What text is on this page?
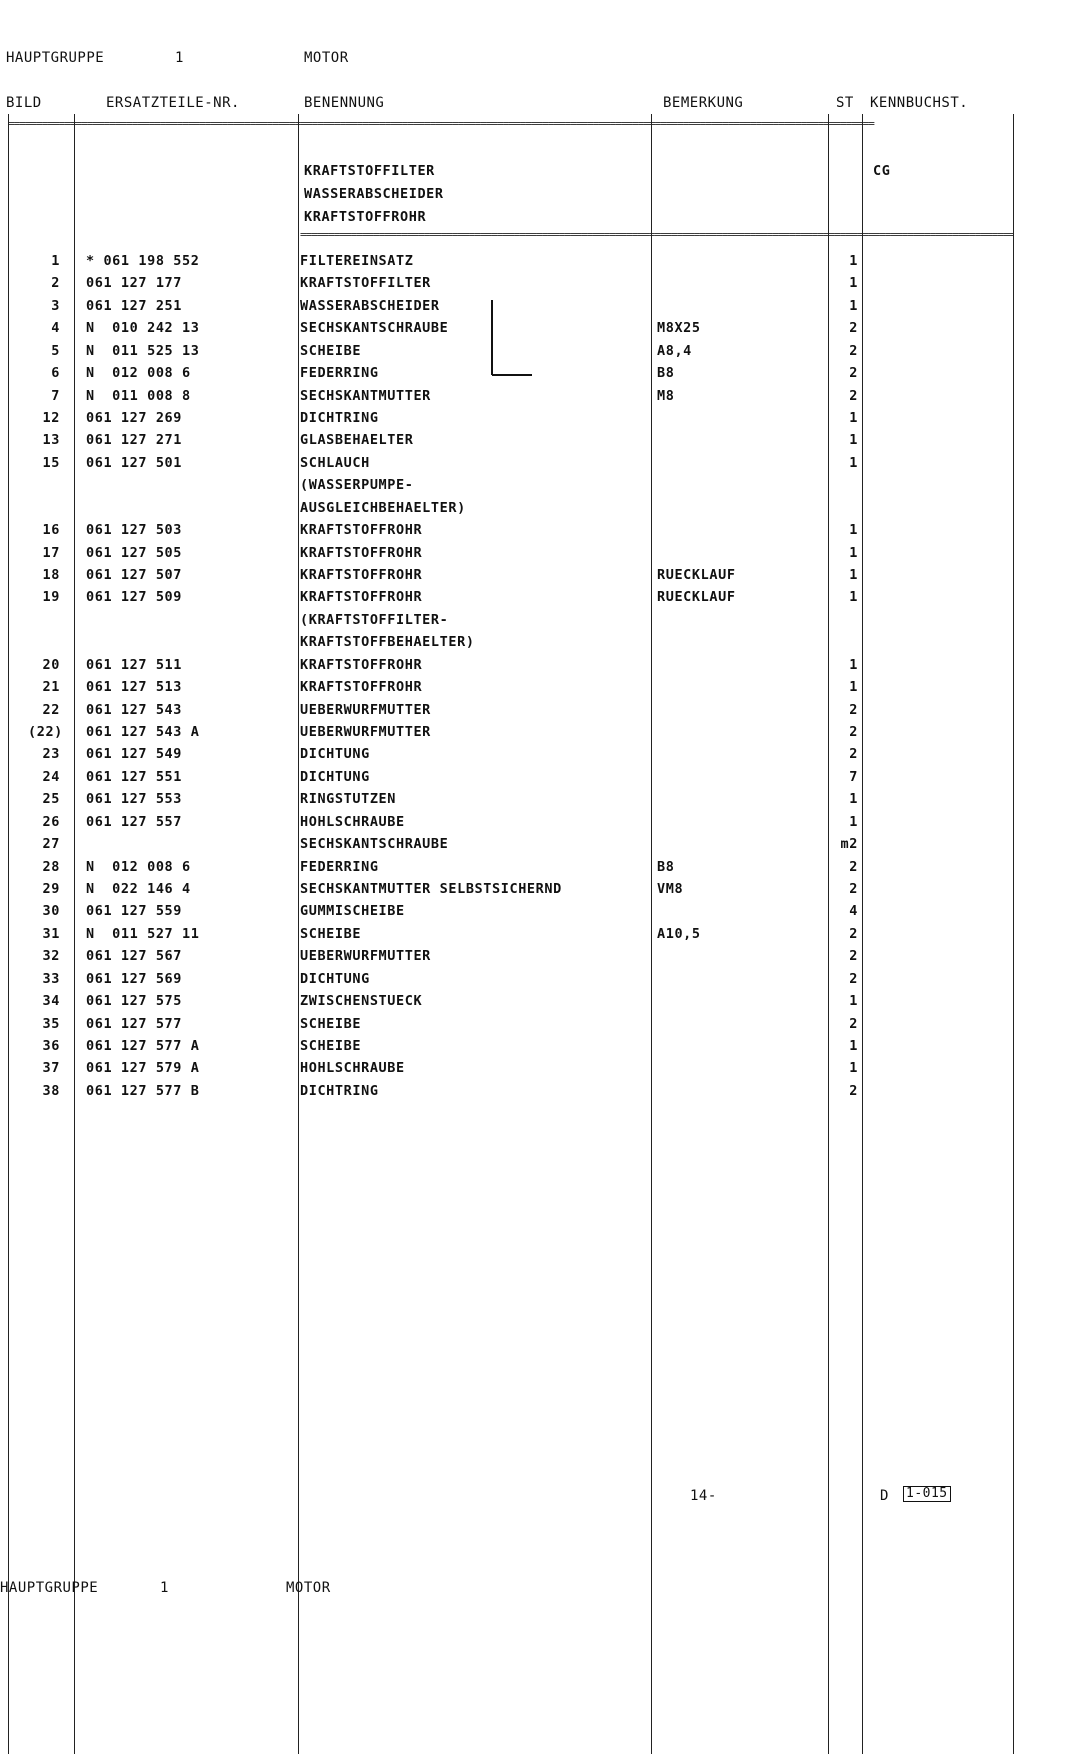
HAUPTGRUPPE	1	MOTOR
BILD	ERSATZTEILE-NR.	BENENNUNG	BEMERKUNG	ST KENNBUCHST.
=====
=====
KRAFTSTOFFILTER
WASSERABSCHEIDER
KRAFTSTOFFROHR
CG
1 * 061 198 552	FILTEREINSATZ	1
2 061 127 177	KRAFTSTOFFILTER	1
3 061 127 251	WASSERABSCHEIDER	1
4 N  010 242 13	SECHSKANTSCHRAUBE	M8X25	2
5 N  011 525 13	SCHEIBE	A8,4	2
6 N  012 008 6	FEDERRING	B8	2
7 N  011 008 8	SECHSKANTMUTTER	M8	2
12 061 127 269	DICHTRING	1
13 061 127 271	GLASBEHAELTER	1
15 061 127 501	SCHLAUCH	1
(WASSERPUMPE-
AUSGLEICHBEHAELTER)
16 061 127 503	KRAFTSTOFFROHR	1
17 061 127 505	KRAFTSTOFFROHR	1
18 061 127 507	KRAFTSTOFFROHR	RUECKLAUF	1
19 061 127 509	KRAFTSTOFFROHR	RUECKLAUF	1
(KRAFTSTOFFILTER-
KRAFTSTOFFBEHAELTER)
20 061 127 511	KRAFTSTOFFROHR	1
21 061 127 513	KRAFTSTOFFROHR	1
22 061 127 543	UEBERWURFMUTTER	2
(22) 061 127 543 A	UEBERWURFMUTTER	2
23 061 127 549	DICHTUNG	2
24 061 127 551	DICHTUNG	7
25 061 127 553	RINGSTUTZEN	1
26 061 127 557	HOHLSCHRAUBE	1
27	SECHSKANTSCHRAUBE	m2
28 N  012 008 6	FEDERRING	B8	2
29 N  022 146 4	SECHSKANTMUTTER SELBSTSICHERND	VM8	2
30 061 127 559	GUMMISCHEIBE	4
31 N  011 527 11	SCHEIBE	A10,5	2
32 061 127 567	UEBERWURFMUTTER	2
33 061 127 569	DICHTUNG	2
34 061 127 575	ZWISCHENSTUECK	1
35 061 127 577	SCHEIBE	2
36 061 127 577 A	SCHEIBE	1
37 061 127 579 A	HOHLSCHRAUBE	1
38 061 127 577 B	DICHTRING	2
14-	D 1-015
HAUPTGRUPPE	1	MOTOR
